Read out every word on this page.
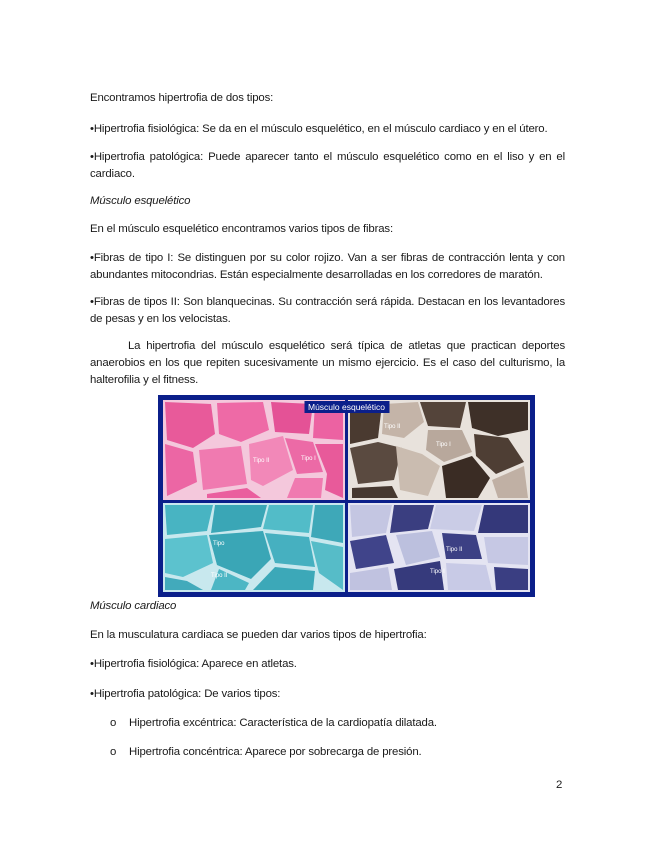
Encontramos hipertrofia de dos tipos:

•Hipertrofia fisiológica: Se da en el músculo esquelético, en el músculo cardiaco y en el útero.

•Hipertrofia patológica: Puede aparecer tanto el músculo esquelético como en el liso y en el cardiaco.

Músculo esquelético

En el músculo esquelético encontramos varios tipos de fibras:

•Fibras de tipo I: Se distinguen por su color rojizo. Van a ser fibras de contracción lenta y con abundantes mitocondrias. Están especialmente desarrolladas en los corredores de maratón.

•Fibras de tipos II: Son blanquecinas. Su contracción será rápida. Destacan en los levantadores de pesas y en los velocistas.

La hipertrofia del músculo esquelético será típica de atletas que practican deportes anaerobios en los que repiten sucesivamente un mismo ejercicio. Es el caso del culturismo, la halterofilia y el fitness.

Músculo esquelético
Tipo II	Tipo I
Tipo II
Tipo I
Tipo
Tipo II
Tipo II
Tipo I

Músculo cardiaco

En la musculatura cardiaca se pueden dar varios tipos de hipertrofia:

•Hipertrofia fisiológica: Aparece en atletas.

•Hipertrofia patológica: De varios tipos:

o Hipertrofia excéntrica: Característica de la cardiopatía dilatada.
o Hipertrofia concéntrica: Aparece por sobrecarga de presión.
2
